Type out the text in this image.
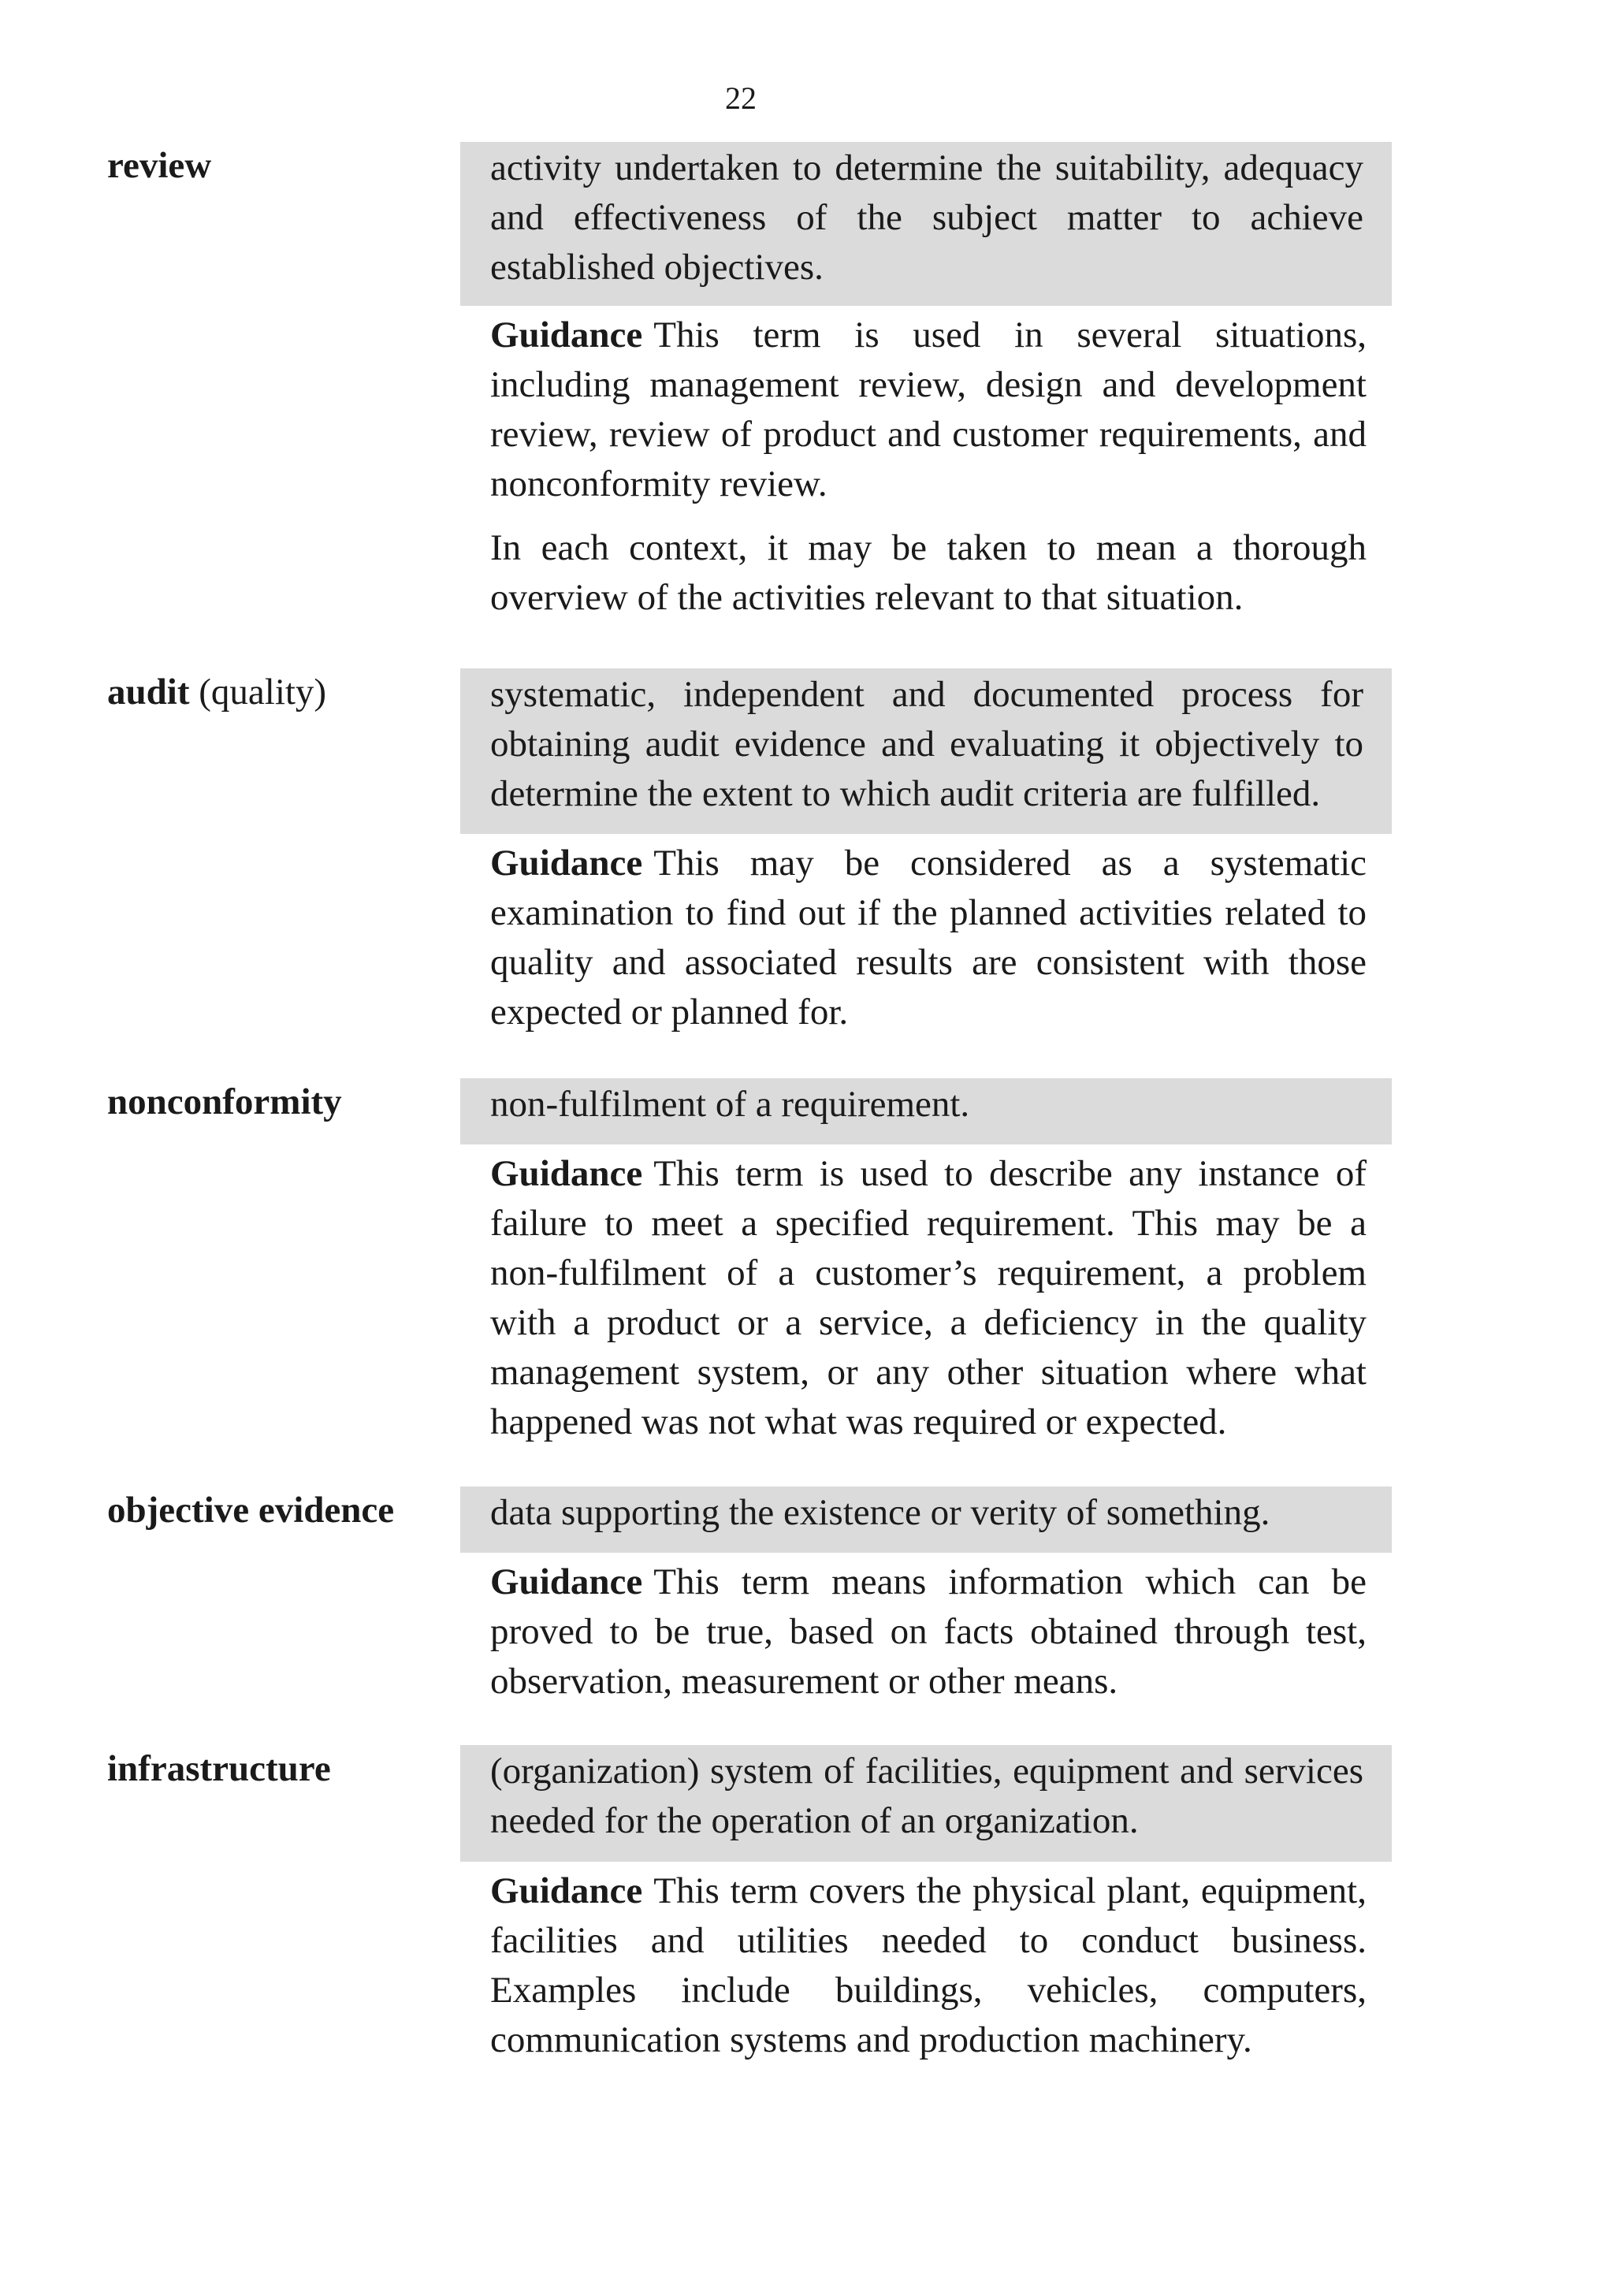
22
review	activity undertaken to determine the suitability, adequacy and effectiveness of the subject matter to achieve established objectives.

Guidance This term is used in several situations, including management review, design and development review, review of product and customer requirements, and nonconformity review.

In each context, it may be taken to mean a thorough overview of the activities relevant to that situation.

audit (quality)	systematic, independent and documented process for obtaining audit evidence and evaluating it objectively to determine the extent to which audit criteria are fulfilled.

Guidance This may be considered as a systematic examination to find out if the planned activities related to quality and associated results are consistent with those expected or planned for.

nonconformity	non-fulfilment of a requirement.

Guidance This term is used to describe any instance of failure to meet a specified requirement. This may be a non-fulfilment of a customer’s requirement, a problem with a product or a service, a deficiency in the quality management system, or any other situation where what happened was not what was required or expected.

objective evidence	data supporting the existence or verity of something.

Guidance This term means information which can be proved to be true, based on facts obtained through test, observation, measurement or other means.

infrastructure	(organization) system of facilities, equipment and services needed for the operation of an organization.

Guidance This term covers the physical plant, equipment, facilities and utilities needed to conduct business. Examples include buildings, vehicles, computers, communication systems and production machinery.
